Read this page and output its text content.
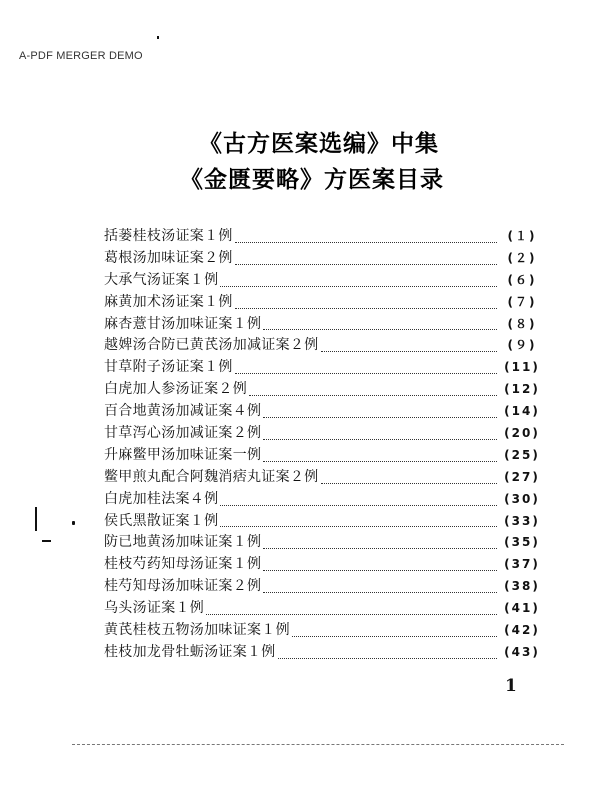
A-PDF MERGER DEMO
《古方医案选编》中集
《金匮要略》方医案目录
括蒌桂枝汤证案１例	(１)
葛根汤加味证案２例	(２)
大承气汤证案１例	(６)
麻黄加术汤证案１例	(７)
麻杏薏甘汤加味证案１例	(８)
越婢汤合防已黄芪汤加减证案２例	(９)
甘草附子汤证案１例	(11)
白虎加人参汤证案２例	(12)
百合地黄汤加减证案４例	(14)
甘草泻心汤加减证案２例	(20)
升麻鳖甲汤加味证案一例	(25)
鳖甲煎丸配合阿魏消痞丸证案２例	(27)
白虎加桂法案４例	(30)
侯氏黑散证案１例	(33)
防已地黄汤加味证案１例	(35)
桂枝芍药知母汤证案１例	(37)
桂芍知母汤加味证案２例	(38)
乌头汤证案１例	(41)
黄芪桂枝五物汤加味证案１例	(42)
桂枝加龙骨牡蛎汤证案１例	(43)
1
